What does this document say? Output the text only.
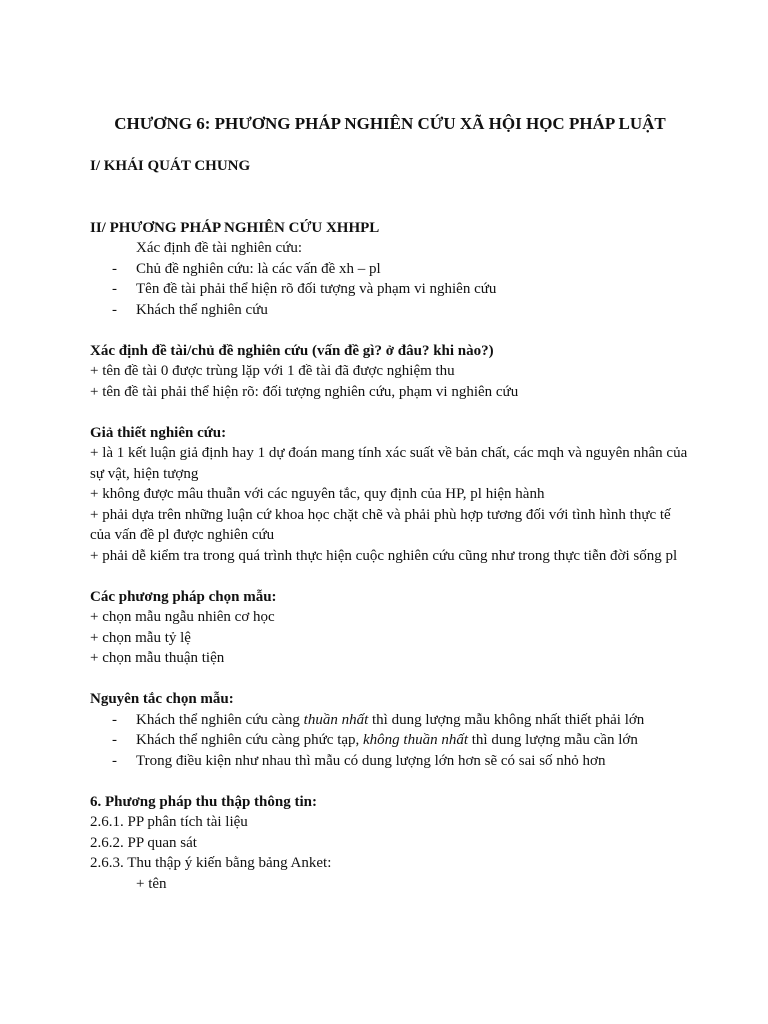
CHƯƠNG 6: PHƯƠNG PHÁP NGHIÊN CỨU XÃ HỘI HỌC PHÁP LUẬT
I/ KHÁI QUÁT CHUNG
II/ PHƯƠNG PHÁP NGHIÊN CỨU XHHPL
Xác định đề tài nghiên cứu:
- Chủ đề nghiên cứu: là các vấn đề xh – pl
- Tên đề tài phải thể hiện rõ đối tượng và phạm vi nghiên cứu
- Khách thể nghiên cứu
Xác định đề tài/chủ đề nghiên cứu (vấn đề gì? ở đâu? khi nào?)
+ tên đề tài 0 được trùng lặp với 1 đề tài đã được nghiệm thu
+ tên đề tài phải thể hiện rõ: đối tượng nghiên cứu, phạm vi nghiên cứu
Giả thiết nghiên cứu:
+ là 1 kết luận giả định hay 1 dự đoán mang tính xác suất về bản chất, các mqh và nguyên nhân của sự vật, hiện tượng
+ không được mâu thuẫn với các nguyên tắc, quy định của HP, pl hiện hành
+ phải dựa trên những luận cứ khoa học chặt chẽ và phải phù hợp tương đối với tình hình thực tế của vấn đề pl được nghiên cứu
+ phải dễ kiểm tra trong quá trình thực hiện cuộc nghiên cứu cũng như trong thực tiễn đời sống pl
Các phương pháp chọn mẫu:
+ chọn mẫu ngẫu nhiên cơ học
+ chọn mẫu tỷ lệ
+ chọn mẫu thuận tiện
Nguyên tắc chọn mẫu:
- Khách thể nghiên cứu càng thuần nhất thì dung lượng mẫu không nhất thiết phải lớn
- Khách thể nghiên cứu càng phức tạp, không thuần nhất thì dung lượng mẫu cần lớn
- Trong điều kiện như nhau thì mẫu có dung lượng lớn hơn sẽ có sai số nhỏ hơn
6. Phương pháp thu thập thông tin:
2.6.1. PP phân tích tài liệu
2.6.2. PP quan sát
2.6.3. Thu thập ý kiến bằng bảng Anket:
+ tên
